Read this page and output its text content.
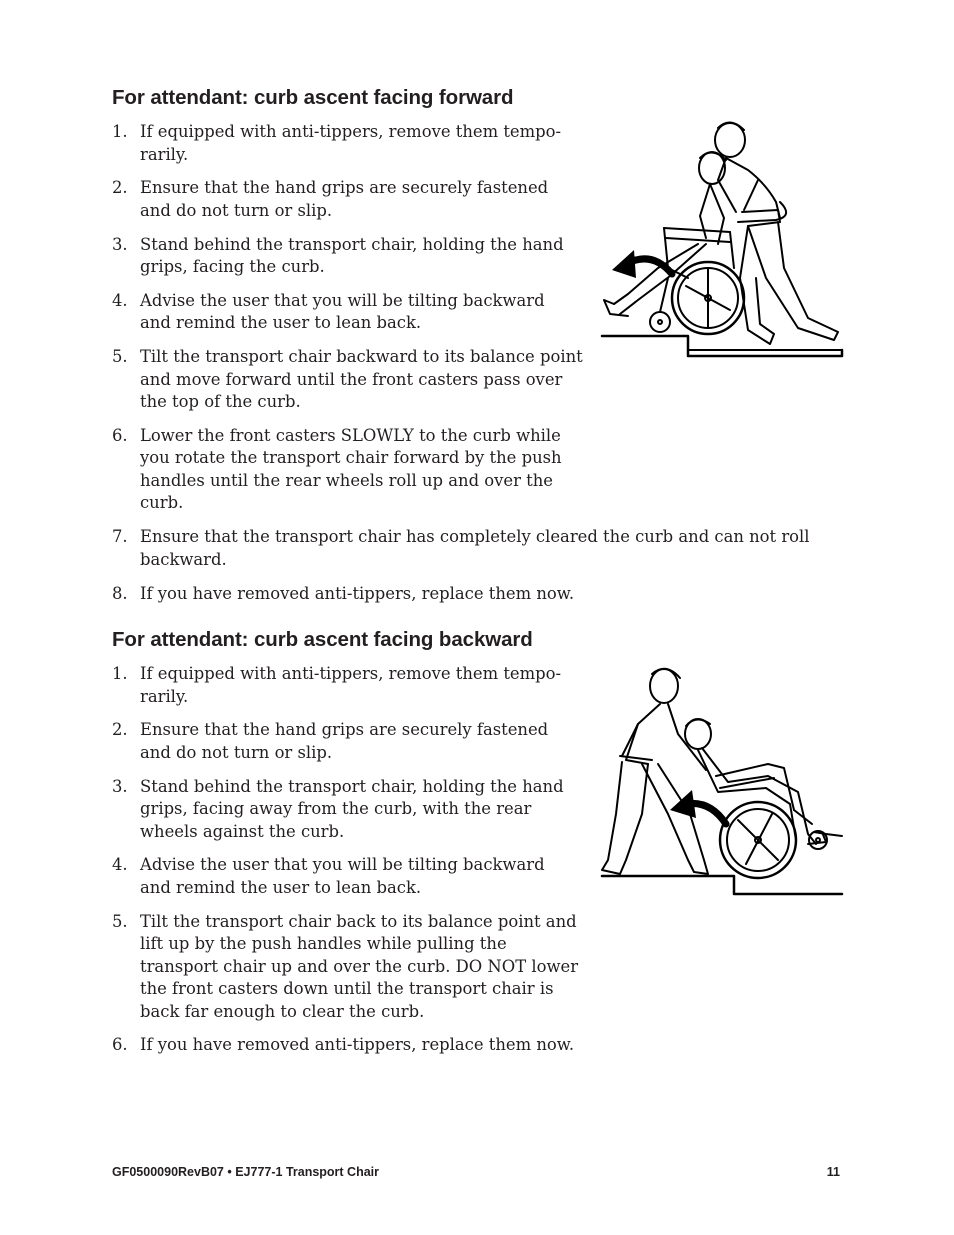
For attendant: curb ascent facing forward
1. If equipped with anti-tippers, remove them tempo-rarily.
2. Ensure that the hand grips are securely fastened and do not turn or slip.
3. Stand behind the transport chair, holding the hand grips, facing the curb.
4. Advise the user that you will be tilting backward and remind the user to lean back.
5. Tilt the transport chair backward to its balance point and move forward until the front casters pass over the top of the curb.
6. Lower the front casters SLOWLY to the curb while you rotate the transport chair forward by the push handles until the rear wheels roll up and over the curb.
7. Ensure that the transport chair has completely cleared the curb and can not roll backward.
8. If you have removed anti-tippers, replace them now.
For attendant: curb ascent facing backward
1. If equipped with anti-tippers, remove them tempo-rarily.
2. Ensure that the hand grips are securely fastened and do not turn or slip.
3. Stand behind the transport chair, holding the hand grips, facing away from the curb, with the rear wheels against the curb.
4. Advise the user that you will be tilting backward and remind the user to lean back.
5. Tilt the transport chair back to its balance point and lift up by the push handles while pulling the transport chair up and over the curb. DO NOT lower the front casters down until the transport chair is back far enough to clear the curb.
6. If you have removed anti-tippers, replace them now.
GF0500090RevB07 • EJ777-1 Transport Chair	11
